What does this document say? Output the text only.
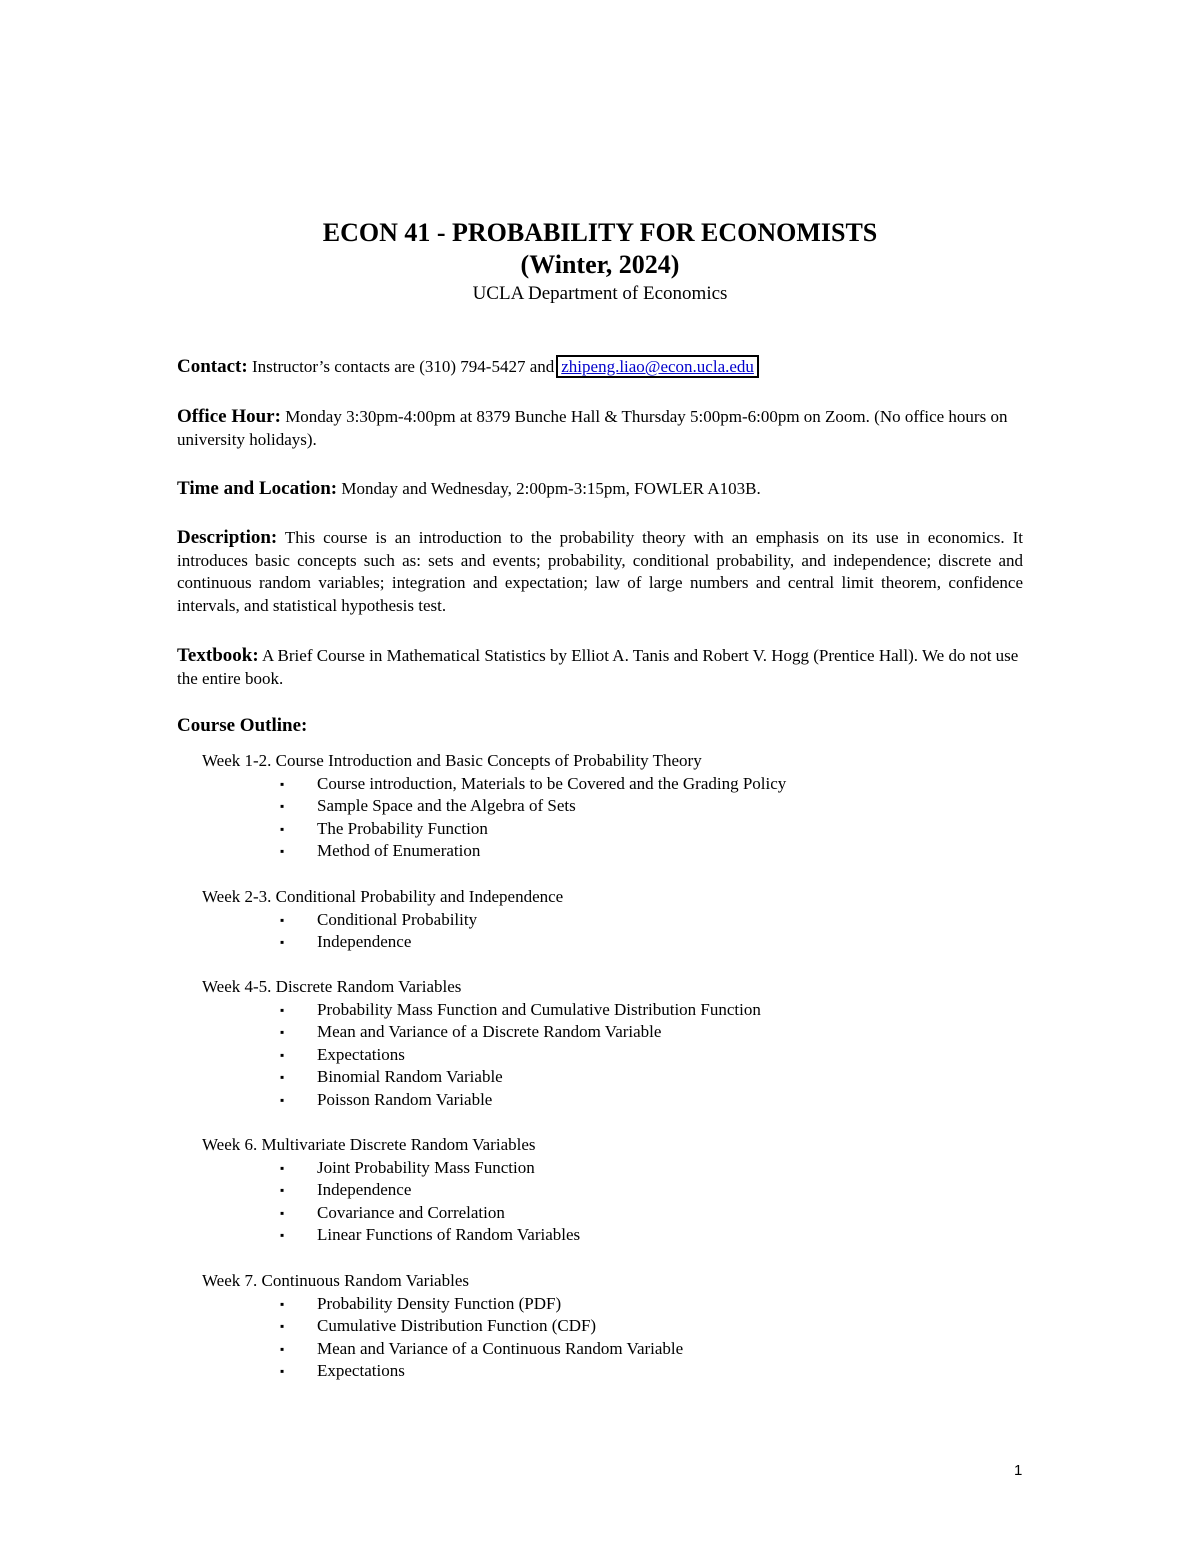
ECON 41 - PROBABILITY FOR ECONOMISTS
(Winter, 2024)
UCLA Department of Economics
Contact: Instructor’s contacts are (310) 794-5427 and zhipeng.liao@econ.ucla.edu
Office Hour: Monday 3:30pm-4:00pm at 8379 Bunche Hall & Thursday 5:00pm-6:00pm on Zoom. (No office hours on university holidays).
Time and Location: Monday and Wednesday, 2:00pm-3:15pm, FOWLER A103B.
Description: This course is an introduction to the probability theory with an emphasis on its use in economics. It introduces basic concepts such as: sets and events; probability, conditional probability, and independence; discrete and continuous random variables; integration and expectation; law of large numbers and central limit theorem, confidence intervals, and statistical hypothesis test.
Textbook: A Brief Course in Mathematical Statistics by Elliot A. Tanis and Robert V. Hogg (Prentice Hall). We do not use the entire book.
Course Outline:

Week 1-2. Course Introduction and Basic Concepts of Probability Theory

▪ Course introduction, Materials to be Covered and the Grading Policy
▪ Sample Space and the Algebra of Sets
▪ The Probability Function
▪ Method of Enumeration

Week 2-3. Conditional Probability and Independence

▪ Conditional Probability
▪ Independence

Week 4-5. Discrete Random Variables

▪ Probability Mass Function and Cumulative Distribution Function
▪ Mean and Variance of a Discrete Random Variable
▪ Expectations
▪ Binomial Random Variable
▪ Poisson Random Variable

Week 6. Multivariate Discrete Random Variables

▪ Joint Probability Mass Function
▪ Independence
▪ Covariance and Correlation
▪ Linear Functions of Random Variables

Week 7. Continuous Random Variables

▪ Probability Density Function (PDF)
▪ Cumulative Distribution Function (CDF)
▪ Mean and Variance of a Continuous Random Variable
▪ Expectations
1
